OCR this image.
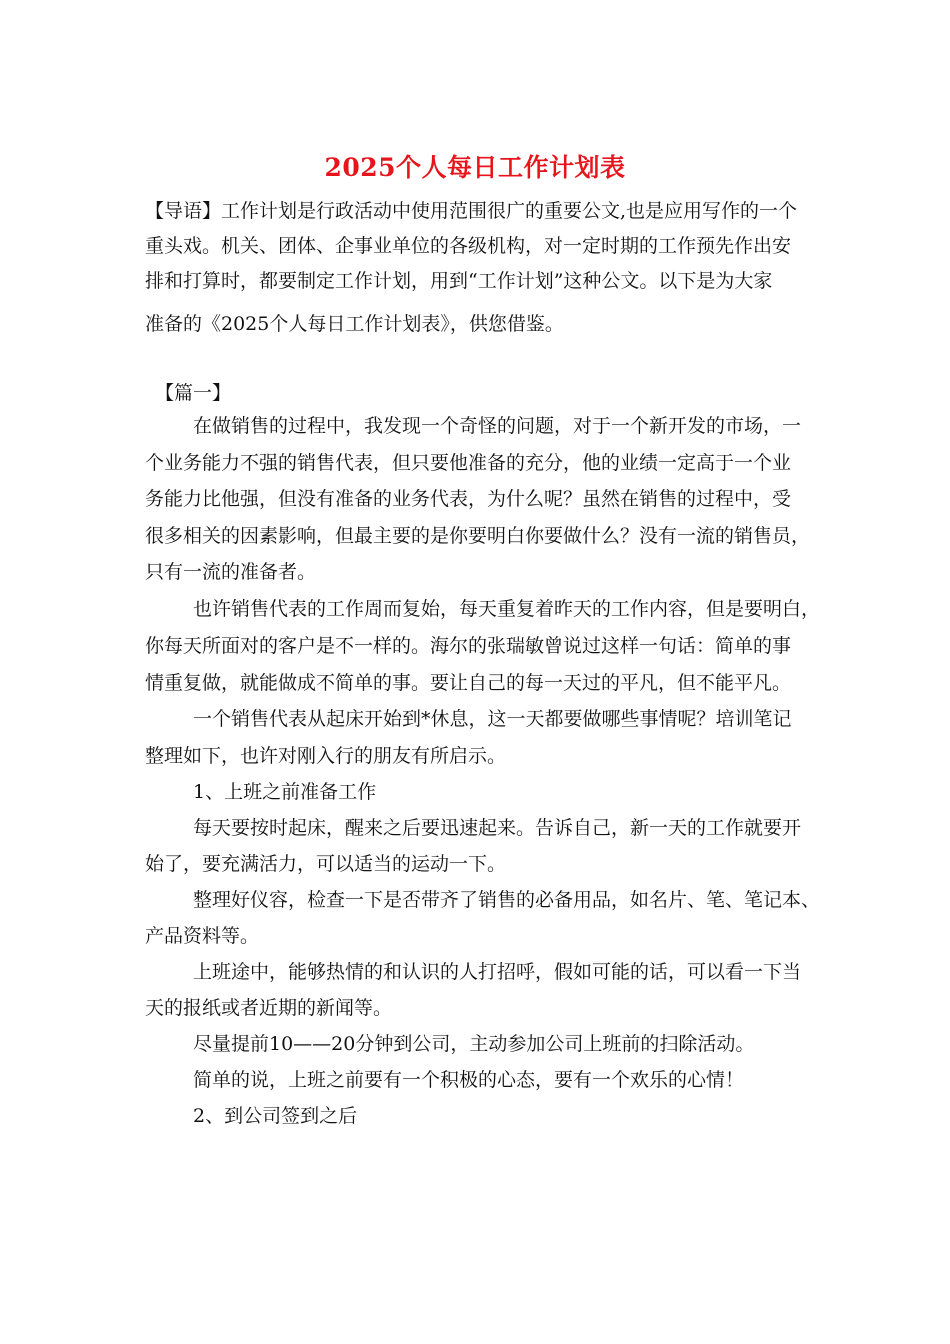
2025个人每日工作计划表
【导语】工作计划是行政活动中使用范围很广的重要公文,也是应用写作的一个
重头戏。机关、团体、企事业单位的各级机构，对一定时期的工作预先作出安
排和打算时，都要制定工作计划，用到“工作计划”这种公文。以下是为大家
准备的《2025个人每日工作计划表》，供您借鉴。
【篇一】
在做销售的过程中，我发现一个奇怪的问题，对于一个新开发的市场，一
个业务能力不强的销售代表，但只要他准备的充分，他的业绩一定高于一个业
务能力比他强，但没有准备的业务代表，为什么呢？虽然在销售的过程中，受
很多相关的因素影响，但最主要的是你要明白你要做什么？没有一流的销售员，
只有一流的准备者。
也许销售代表的工作周而复始，每天重复着昨天的工作内容，但是要明白，
你每天所面对的客户是不一样的。海尔的张瑞敏曾说过这样一句话：简单的事
情重复做，就能做成不简单的事。要让自己的每一天过的平凡，但不能平凡。
一个销售代表从起床开始到*休息，这一天都要做哪些事情呢？培训笔记
整理如下，也许对刚入行的朋友有所启示。
1、上班之前准备工作
每天要按时起床，醒来之后要迅速起来。告诉自己，新一天的工作就要开
始了，要充满活力，可以适当的运动一下。
整理好仪容，检查一下是否带齐了销售的必备用品，如名片、笔、笔记本、
产品资料等。
上班途中，能够热情的和认识的人打招呼，假如可能的话，可以看一下当
天的报纸或者近期的新闻等。
尽量提前10——20分钟到公司，主动参加公司上班前的扫除活动。
简单的说，上班之前要有一个积极的心态，要有一个欢乐的心情！
2、到公司签到之后
